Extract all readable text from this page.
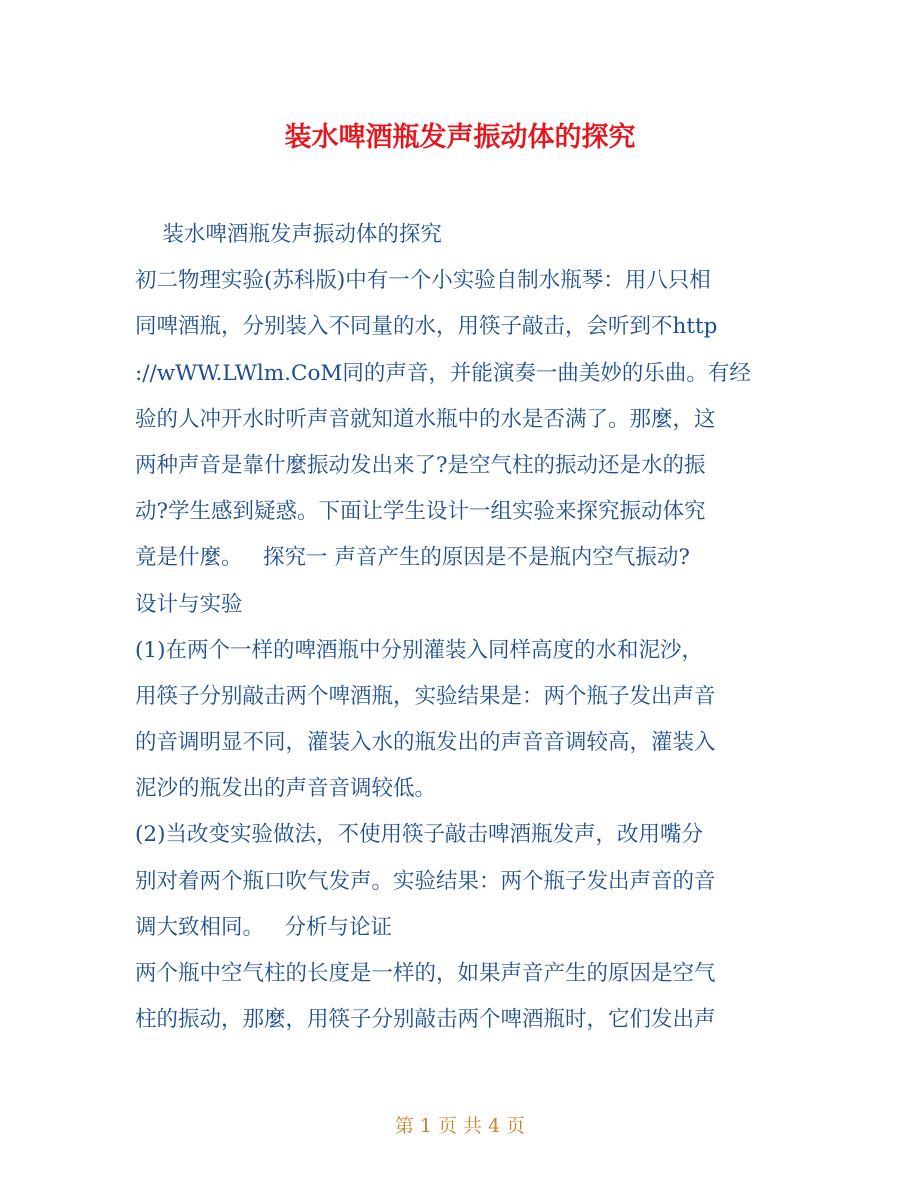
装水啤酒瓶发声振动体的探究
装水啤酒瓶发声振动体的探究
初二物理实验(苏科版)中有一个小实验自制水瓶琴：用八只相
同啤酒瓶，分别装入不同量的水，用筷子敲击，会听到不http
://wWW.LWlm.CoM同的声音，并能演奏一曲美妙的乐曲。有经
验的人冲开水时听声音就知道水瓶中的水是否满了。那麼，这
两种声音是靠什麼振动发出来了?是空气柱的振动还是水的振
动?学生感到疑惑。下面让学生设计一组实验来探究振动体究
竟是什麼。   探究一 声音产生的原因是不是瓶内空气振动?
设计与实验
(1)在两个一样的啤酒瓶中分别灌装入同样高度的水和泥沙，
用筷子分别敲击两个啤酒瓶，实验结果是：两个瓶子发出声音
的音调明显不同，灌装入水的瓶发出的声音音调较高，灌装入
泥沙的瓶发出的声音音调较低。
(2)当改变实验做法，不使用筷子敲击啤酒瓶发声，改用嘴分
别对着两个瓶口吹气发声。实验结果：两个瓶子发出声音的音
调大致相同。   分析与论证
两个瓶中空气柱的长度是一样的，如果声音产生的原因是空气
柱的振动，那麼，用筷子分别敲击两个啤酒瓶时，它们发出声
第 1 页 共 4 页
